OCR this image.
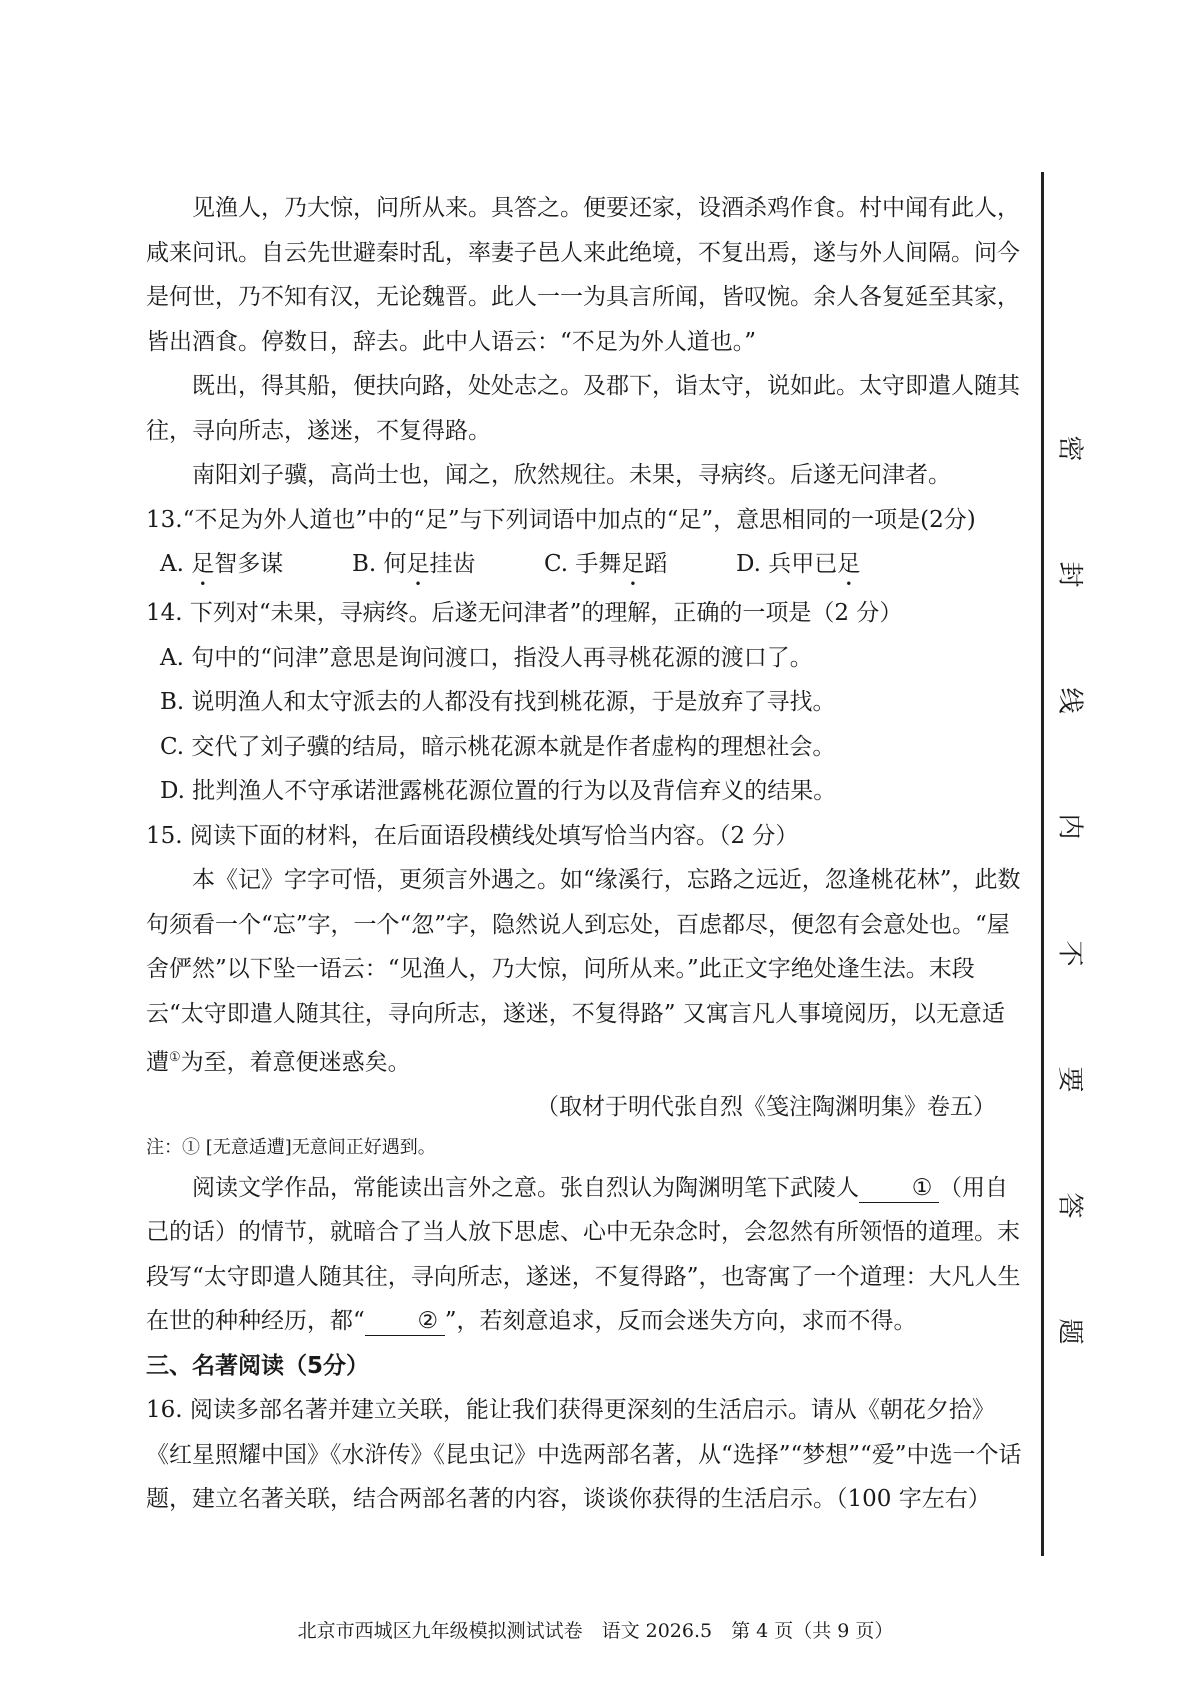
见渔人，乃大惊，问所从来。具答之。便要还家，设酒杀鸡作食。村中闻有此人，咸来问讯。自云先世避秦时乱，率妻子邑人来此绝境，不复出焉，遂与外人间隔。问今是何世，乃不知有汉，无论魏晋。此人一一为具言所闻，皆叹惋。余人各复延至其家，皆出酒食。停数日，辞去。此中人语云：“不足为外人道也。”

既出，得其船，便扶向路，处处志之。及郡下，诣太守，说如此。太守即遣人随其往，寻向所志，遂迷，不复得路。

南阳刘子骥，高尚士也，闻之，欣然规往。未果，寻病终。后遂无问津者。

13.“不足为外人道也”中的“足”与下列词语中加点的“足”，意思相同的一项是(2分)

A. 足智多谋	B. 何足挂齿	C. 手舞足蹈	D. 兵甲已足

14. 下列对“未果，寻病终。后遂无问津者”的理解，正确的一项是（2 分）

A. 句中的“问津”意思是询问渡口，指没人再寻桃花源的渡口了。

B. 说明渔人和太守派去的人都没有找到桃花源，于是放弃了寻找。

C. 交代了刘子骥的结局，暗示桃花源本就是作者虚构的理想社会。

D. 批判渔人不守承诺泄露桃花源位置的行为以及背信弃义的结果。

15. 阅读下面的材料，在后面语段横线处填写恰当内容。（2 分）

本《记》字字可悟，更须言外遇之。如“缘溪行，忘路之远近，忽逢桃花林”，此数句须看一个“忘”字，一个“忽”字，隐然说人到忘处，百虑都尽，便忽有会意处也。“屋舍俨然”以下坠一语云：“见渔人，乃大惊，问所从来。”此正文字绝处逢生法。末段云“太守即遣人随其往，寻向所志，遂迷，不复得路” 又寓言凡人事境阅历，以无意适遭①为至，着意便迷惑矣。

（取材于明代张自烈《笺注陶渊明集》卷五）

注：① [无意适遭]无意间正好遇到。

阅读文学作品，常能读出言外之意。张自烈认为陶渊明笔下武陵人 ① （用自己的话）的情节，就暗合了当人放下思虑、心中无杂念时，会忽然有所领悟的道理。末段写“太守即遣人随其往，寻向所志，遂迷，不复得路”，也寄寓了一个道理：大凡人生在世的种种经历，都“ ② ”，若刻意追求，反而会迷失方向，求而不得。

三、名著阅读（5分）

16. 阅读多部名著并建立关联，能让我们获得更深刻的生活启示。请从《朝花夕拾》《红星照耀中国》《水浒传》《昆虫记》中选两部名著，从“选择”“梦想”“爱”中选一个话题，建立名著关联，结合两部名著的内容，谈谈你获得的生活启示。（100 字左右）

密
封
线
内
不
要
答
题
北京市西城区九年级模拟测试试卷　语文 2026.5　第 4 页（共 9 页）
